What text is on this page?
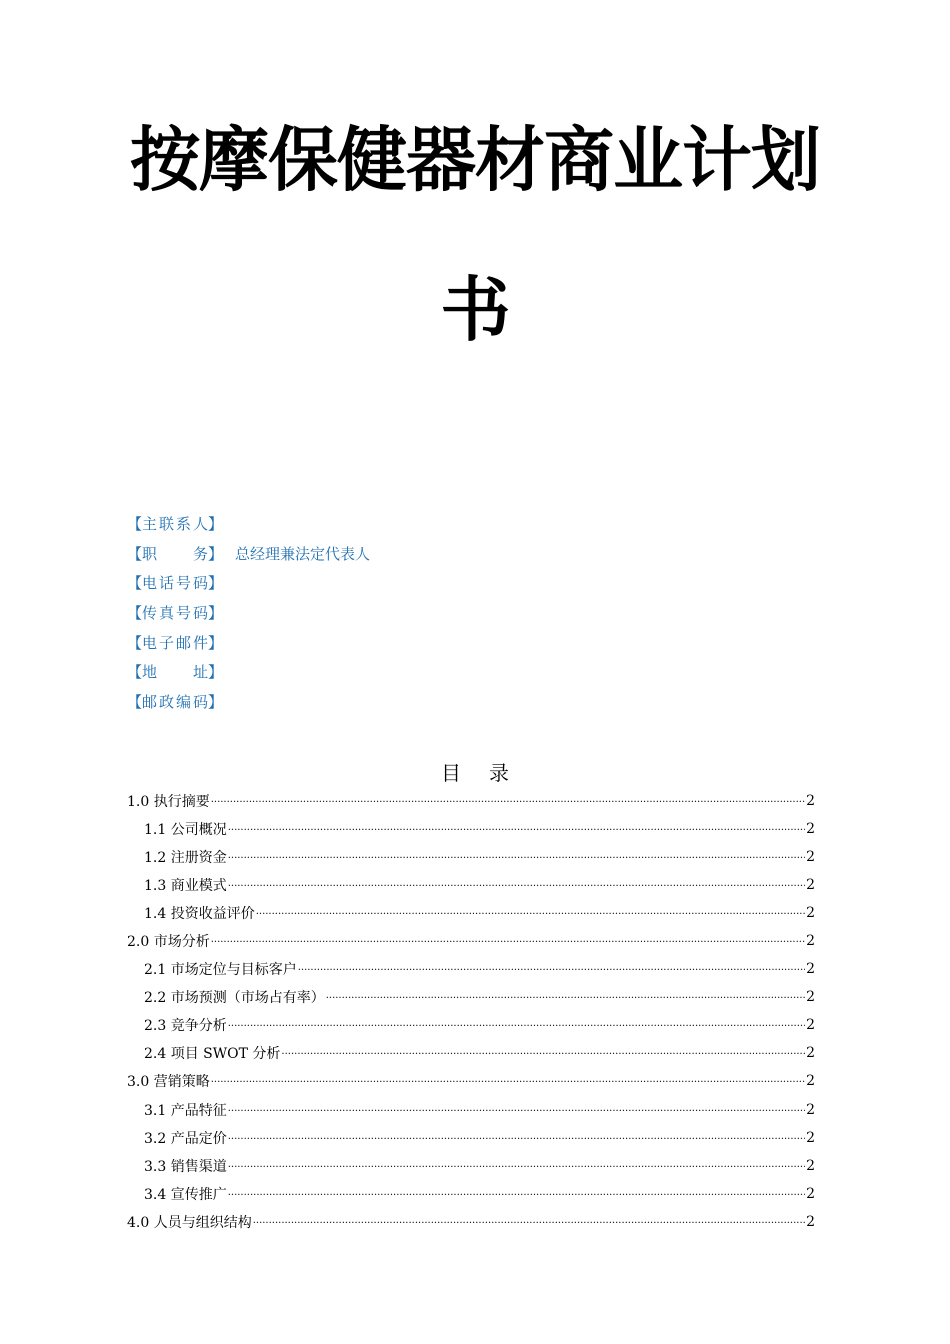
按摩保健器材商业计划
书
【主联系人】
【职　　务】 总经理兼法定代表人
【电话号码】
【传真号码】
【电子邮件】
【地　　址】
【邮政编码】
目录
1.0 执行摘要 .....	2
1.1 公司概况 .....	2
1.2 注册资金 .....	2
1.3 商业模式 .....	2
1.4 投资收益评价 .....	2
2.0 市场分析 .....	2
2.1 市场定位与目标客户 .....	2
2.2 市场预测（市场占有率） .....	2
2.3 竞争分析 .....	2
2.4 项目 SWOT 分析 .....	2
3.0 营销策略 .....	2
3.1 产品特征 .....	2
3.2 产品定价 .....	2
3.3 销售渠道 .....	2
3.4 宣传推广 .....	2
4.0 人员与组织结构 .....	2
